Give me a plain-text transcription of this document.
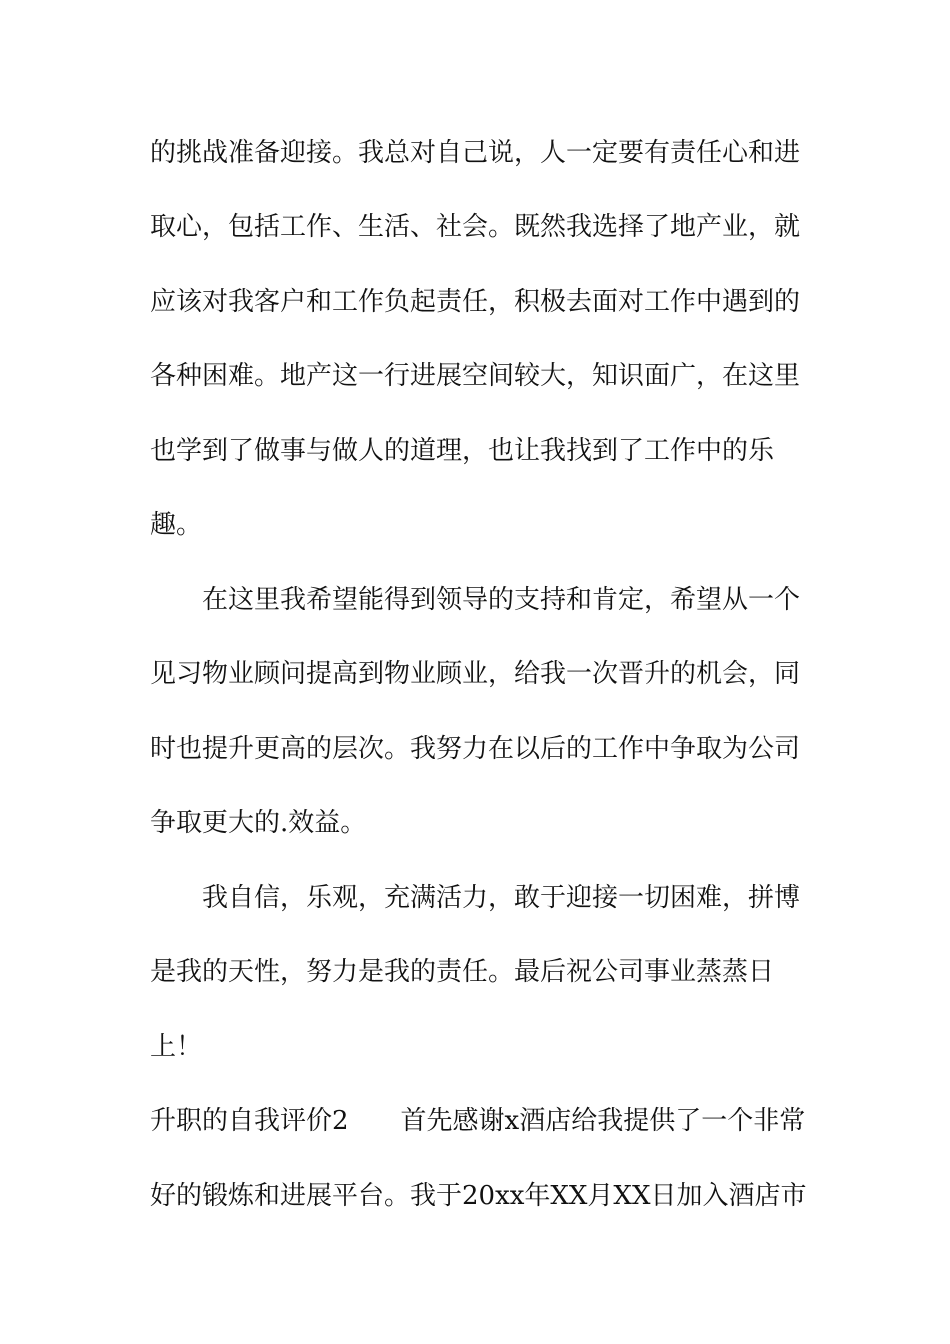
的挑战准备迎接。我总对自己说，人一定要有责任心和进
取心，包括工作、生活、社会。既然我选择了地产业，就
应该对我客户和工作负起责任，积极去面对工作中遇到的
各种困难。地产这一行进展空间较大，知识面广，在这里
也学到了做事与做人的道理，也让我找到了工作中的乐
趣。
在这里我希望能得到领导的支持和肯定，希望从一个
见习物业顾问提高到物业顾业，给我一次晋升的机会，同
时也提升更高的层次。我努力在以后的工作中争取为公司
争取更大的.效益。
我自信，乐观，充满活力，敢于迎接一切困难，拼博
是我的天性，努力是我的责任。最后祝公司事业蒸蒸日
上！
升职的自我评价2　　首先感谢x酒店给我提供了一个非常
好的锻炼和进展平台。我于20xx年XX月XX日加入酒店市
